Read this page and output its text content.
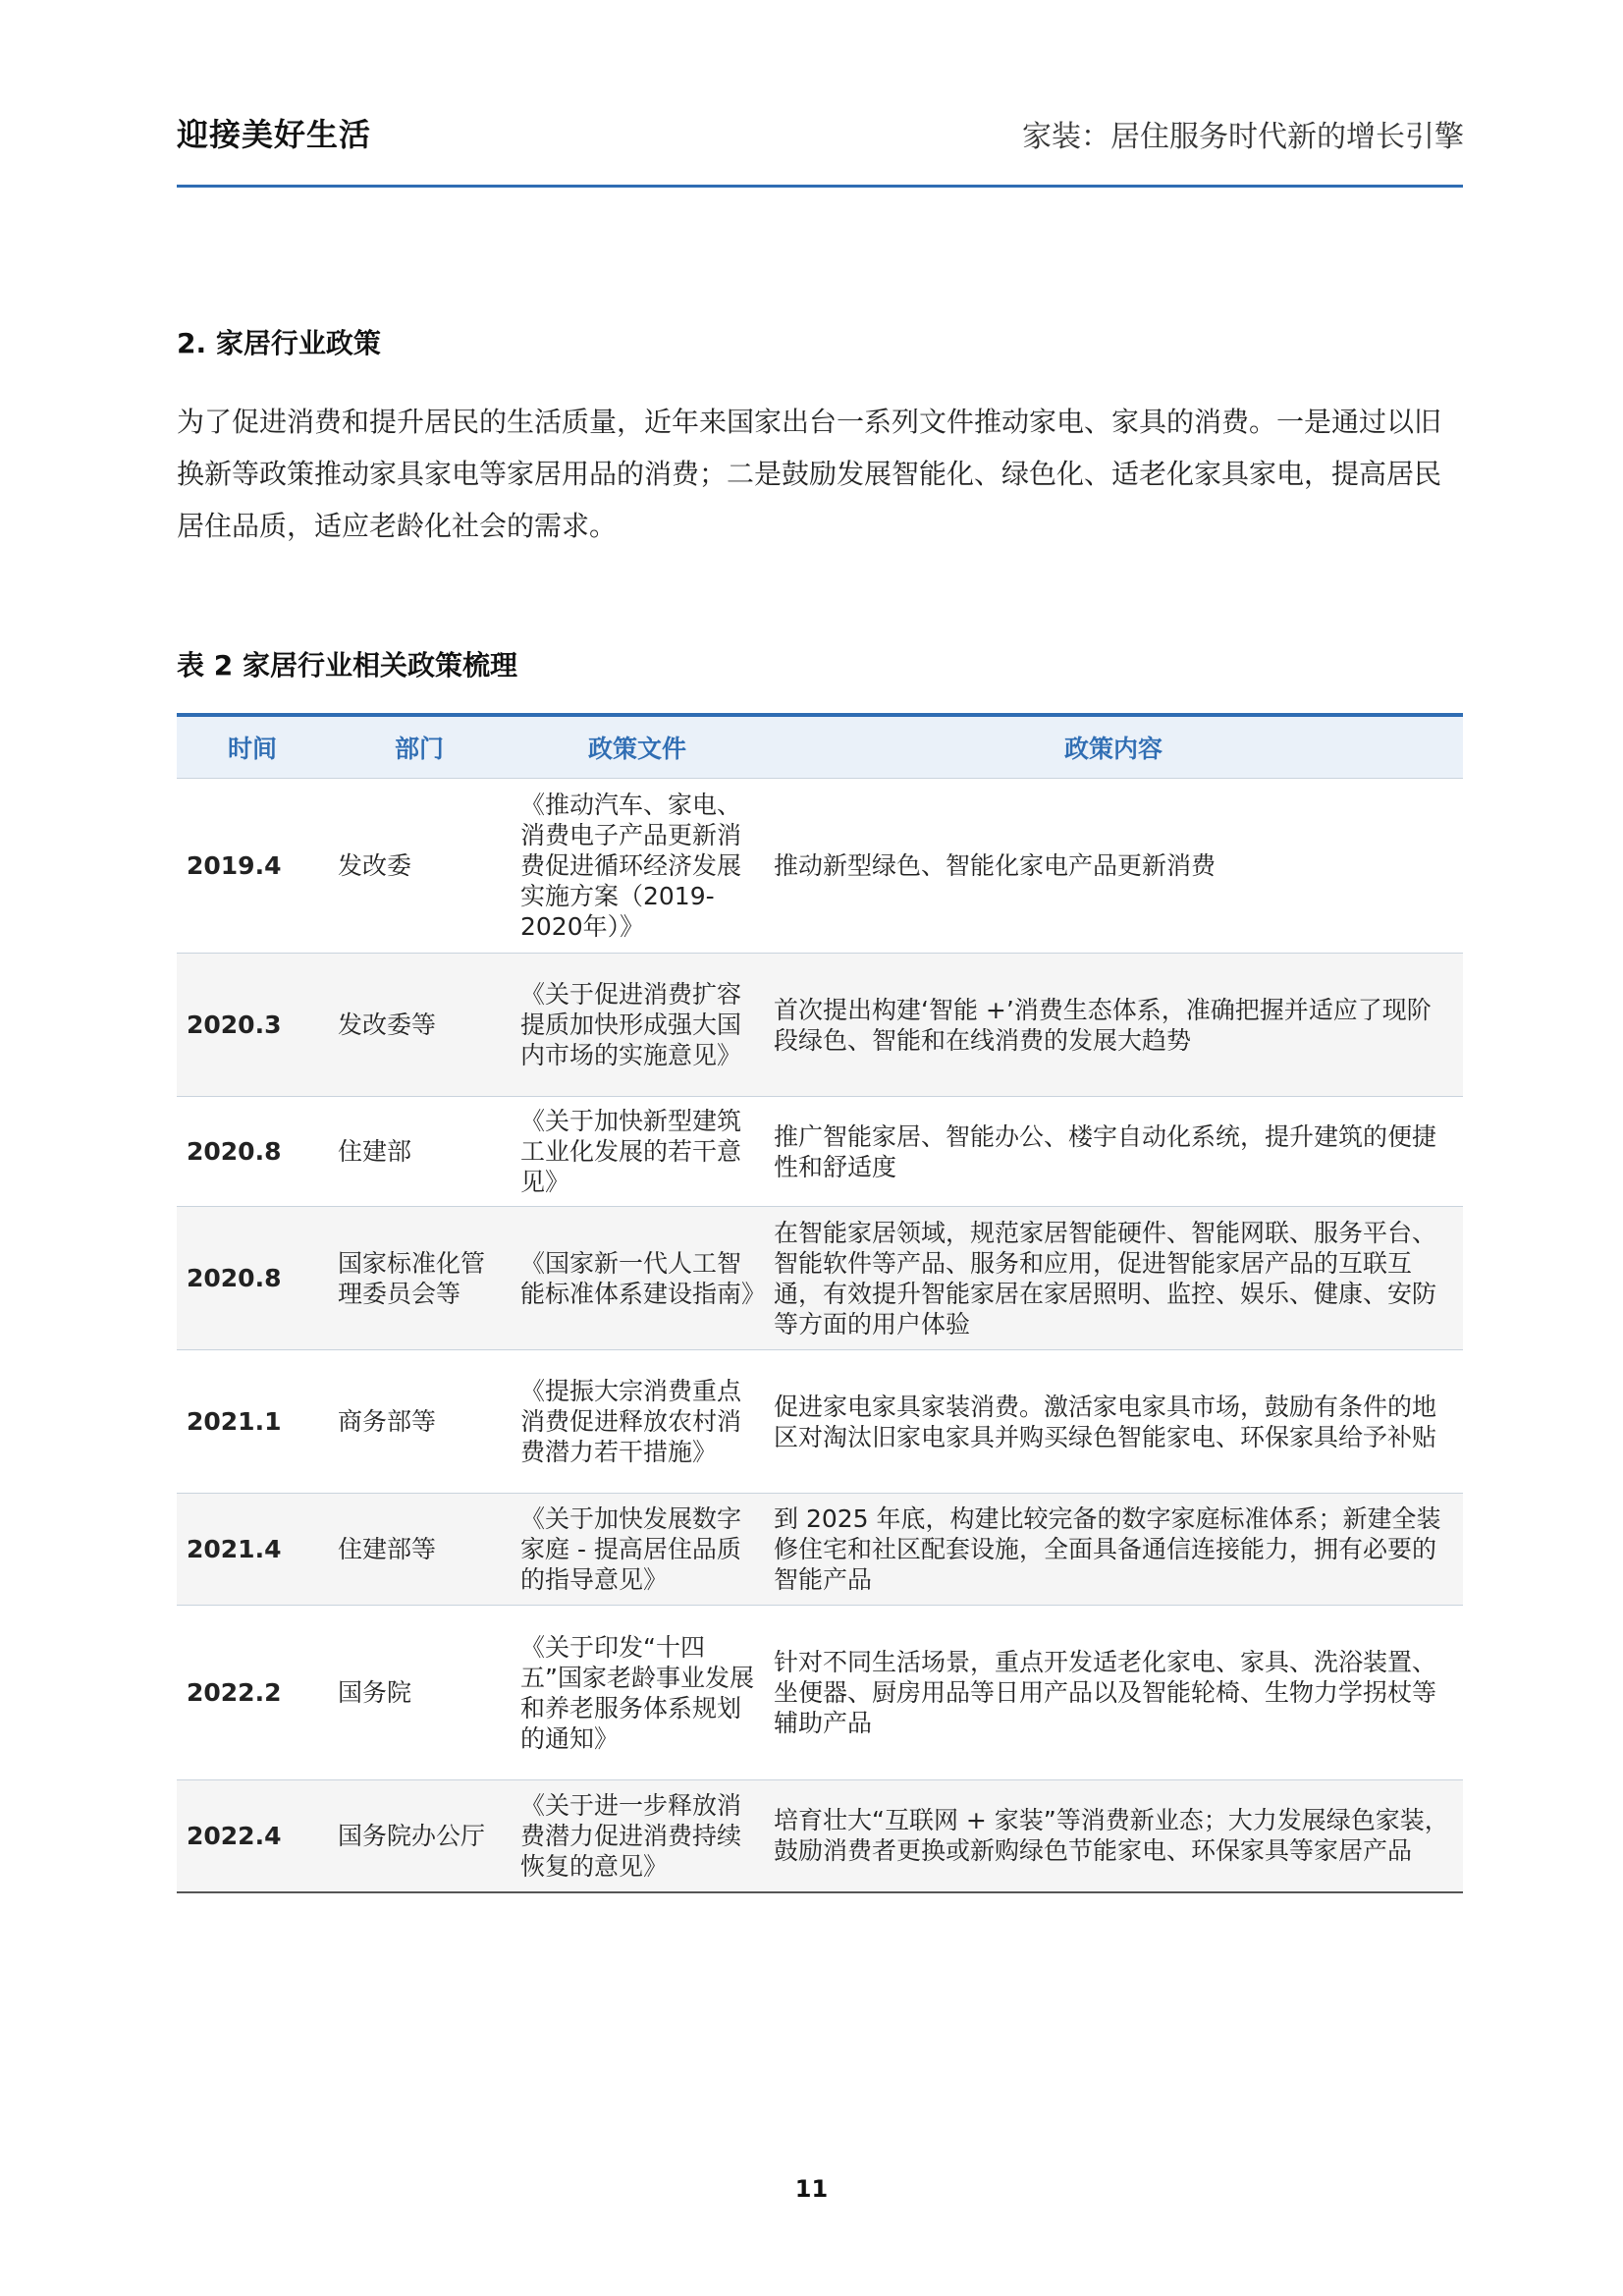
迎接美好生活	家装：居住服务时代新的增长引擎
2. 家居行业政策
为了促进消费和提升居民的生活质量，近年来国家出台一系列文件推动家电、家具的消费。一是通过以旧换新等政策推动家具家电等家居用品的消费；二是鼓励发展智能化、绿色化、适老化家具家电，提高居民居住品质，适应老龄化社会的需求。
表 2 家居行业相关政策梳理
时间	部门	政策文件	政策内容
2019.4	发改委	《推动汽车、家电、消费电子产品更新消费促进循环经济发展实施方案（2019-2020年）》	推动新型绿色、智能化家电产品更新消费
2020.3	发改委等	《关于促进消费扩容提质加快形成强大国内市场的实施意见》	首次提出构建‘智能 +’消费生态体系，准确把握并适应了现阶段绿色、智能和在线消费的发展大趋势
2020.8	住建部	《关于加快新型建筑工业化发展的若干意见》	推广智能家居、智能办公、楼宇自动化系统，提升建筑的便捷性和舒适度
2020.8	国家标准化管理委员会等	《国家新一代人工智能标准体系建设指南》	在智能家居领域，规范家居智能硬件、智能网联、服务平台、智能软件等产品、服务和应用，促进智能家居产品的互联互通，有效提升智能家居在家居照明、监控、娱乐、健康、安防等方面的用户体验
2021.1	商务部等	《提振大宗消费重点消费促进释放农村消费潜力若干措施》	促进家电家具家装消费。激活家电家具市场，鼓励有条件的地区对淘汰旧家电家具并购买绿色智能家电、环保家具给予补贴
2021.4	住建部等	《关于加快发展数字家庭 - 提高居住品质的指导意见》	到 2025 年底，构建比较完备的数字家庭标准体系；新建全装修住宅和社区配套设施，全面具备通信连接能力，拥有必要的智能产品
2022.2	国务院	《关于印发“十四五”国家老龄事业发展和养老服务体系规划的通知》	针对不同生活场景，重点开发适老化家电、家具、洗浴装置、坐便器、厨房用品等日用产品以及智能轮椅、生物力学拐杖等辅助产品
2022.4	国务院办公厅	《关于进一步释放消费潜力促进消费持续恢复的意见》	培育壮大“互联网 + 家装”等消费新业态；大力发展绿色家装，鼓励消费者更换或新购绿色节能家电、环保家具等家居产品
11
